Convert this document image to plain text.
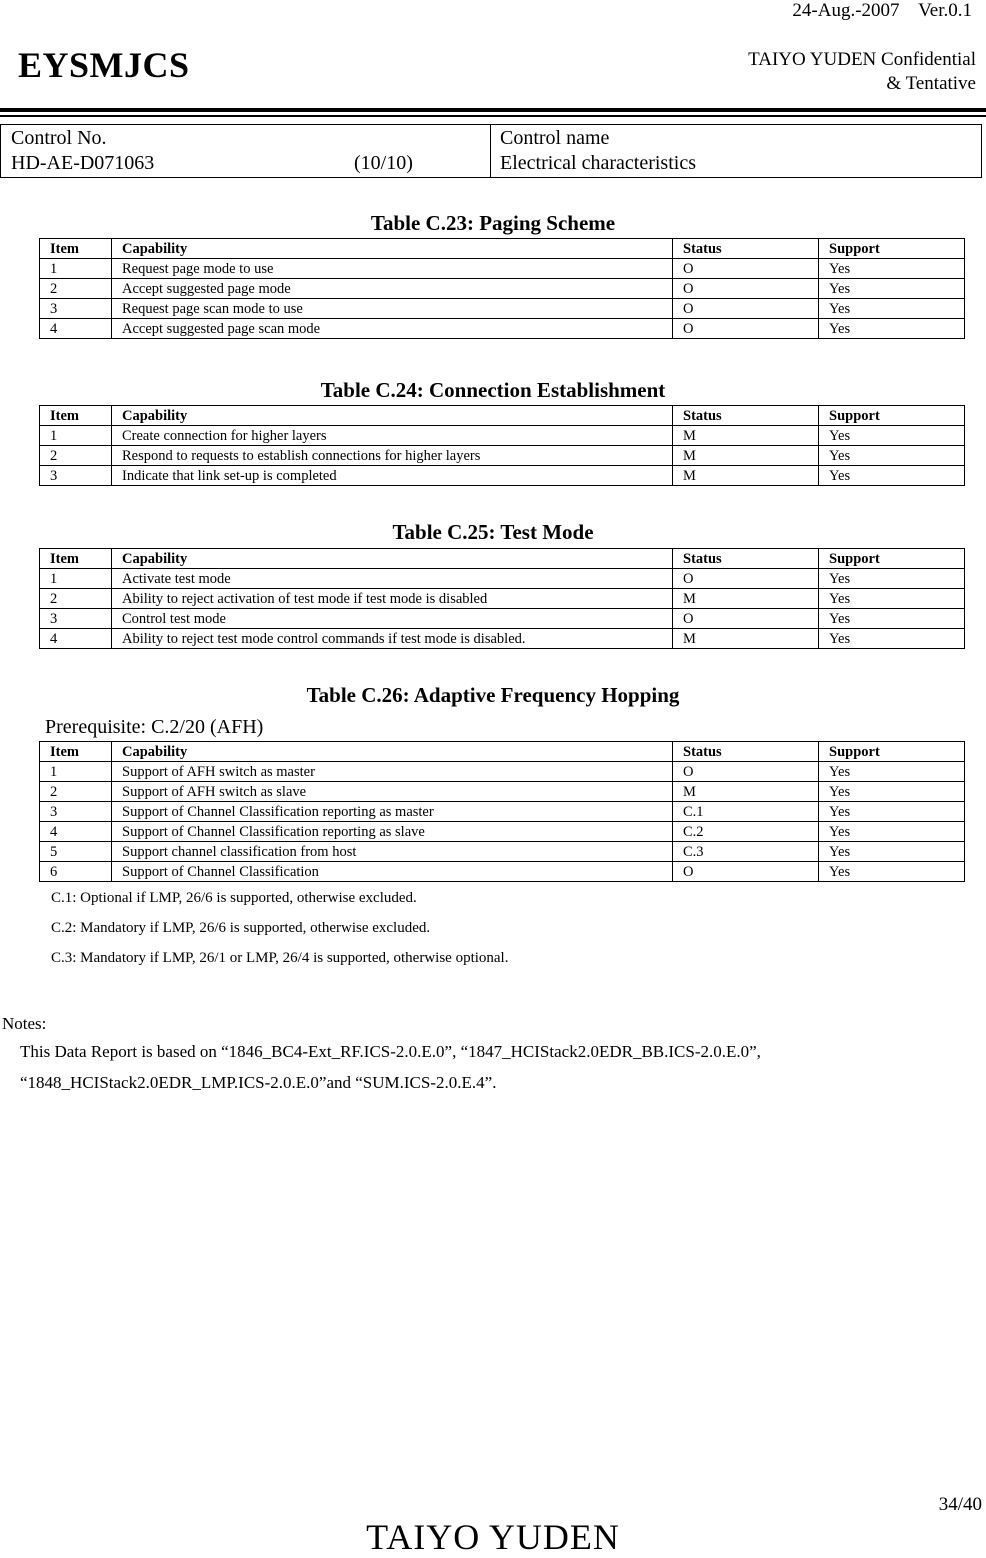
24-Aug.-2007    Ver.0.1
EYSMJCS	TAIYO YUDEN Confidential
& Tentative
Control No.
HD-AE-D071063	(10/10)
Control name
Electrical characteristics
Table C.23: Paging Scheme
Item	Capability	Status	Support
1	Request page mode to use	O	Yes
2	Accept suggested page mode	O	Yes
3	Request page scan mode to use	O	Yes
4	Accept suggested page scan mode	O	Yes
Table C.24: Connection Establishment
Item	Capability	Status	Support
1	Create connection for higher layers	M	Yes
2	Respond to requests to establish connections for higher layers	M	Yes
3	Indicate that link set-up is completed	M	Yes
Table C.25: Test Mode
Item	Capability	Status	Support
1	Activate test mode	O	Yes
2	Ability to reject activation of test mode if test mode is disabled	M	Yes
3	Control test mode	O	Yes
4	Ability to reject test mode control commands if test mode is disabled.	M	Yes
Table C.26: Adaptive Frequency Hopping
Prerequisite: C.2/20 (AFH)
Item	Capability	Status	Support
1	Support of AFH switch as master	O	Yes
2	Support of AFH switch as slave	M	Yes
3	Support of Channel Classification reporting as master	C.1	Yes
4	Support of Channel Classification reporting as slave	C.2	Yes
5	Support channel classification from host	C.3	Yes
6	Support of Channel Classification	O	Yes
C.1: Optional if LMP, 26/6 is supported, otherwise excluded.
C.2: Mandatory if LMP, 26/6 is supported, otherwise excluded.
C.3: Mandatory if LMP, 26/1 or LMP, 26/4 is supported, otherwise optional.
Notes:
This Data Report is based on “1846_BC4-Ext_RF.ICS-2.0.E.0”, “1847_HCIStack2.0EDR_BB.ICS-2.0.E.0”,
“1848_HCIStack2.0EDR_LMP.ICS-2.0.E.0”and “SUM.ICS-2.0.E.4”.
34/40
TAIYO YUDEN
